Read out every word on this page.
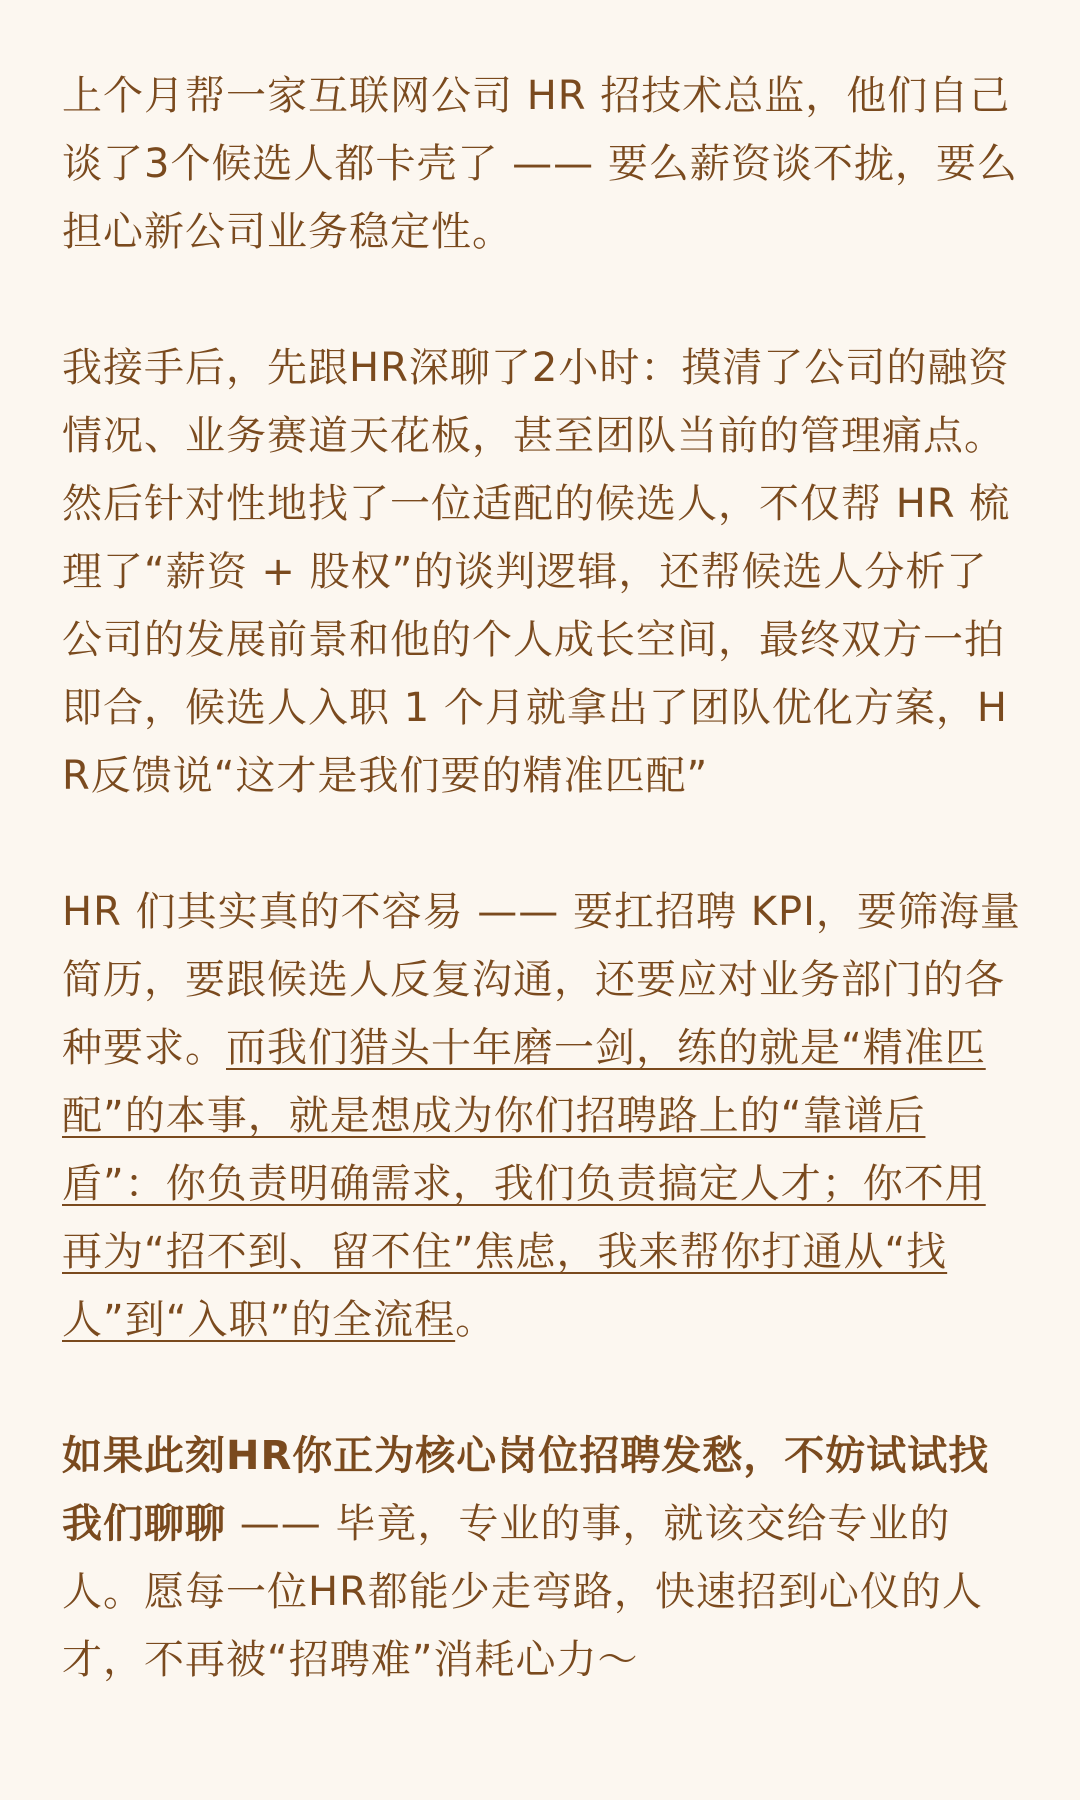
上个月帮一家互联网公司 HR 招技术总监，他们自己谈了3个候选人都卡壳了 —— 要么薪资谈不拢，要么担心新公司业务稳定性。

我接手后，先跟HR深聊了2小时：摸清了公司的融资情况、业务赛道天花板，甚至团队当前的管理痛点。然后针对性地找了一位适配的候选人，不仅帮 HR 梳理了“薪资 + 股权”的谈判逻辑，还帮候选人分析了公司的发展前景和他的个人成长空间，最终双方一拍即合，候选人入职 1 个月就拿出了团队优化方案，HR反馈说“这才是我们要的精准匹配”

HR 们其实真的不容易 —— 要扛招聘 KPI，要筛海量简历，要跟候选人反复沟通，还要应对业务部门的各种要求。而我们猎头十年磨一剑，练的就是“精准匹配”的本事，就是想成为你们招聘路上的“靠谱后盾”：你负责明确需求，我们负责搞定人才；你不用再为“招不到、留不住”焦虑，我来帮你打通从“找人”到“入职”的全流程。

如果此刻HR你正为核心岗位招聘发愁，不妨试试找我们聊聊 —— 毕竟，专业的事，就该交给专业的人。愿每一位HR都能少走弯路，快速招到心仪的人才，不再被“招聘难”消耗心力～
